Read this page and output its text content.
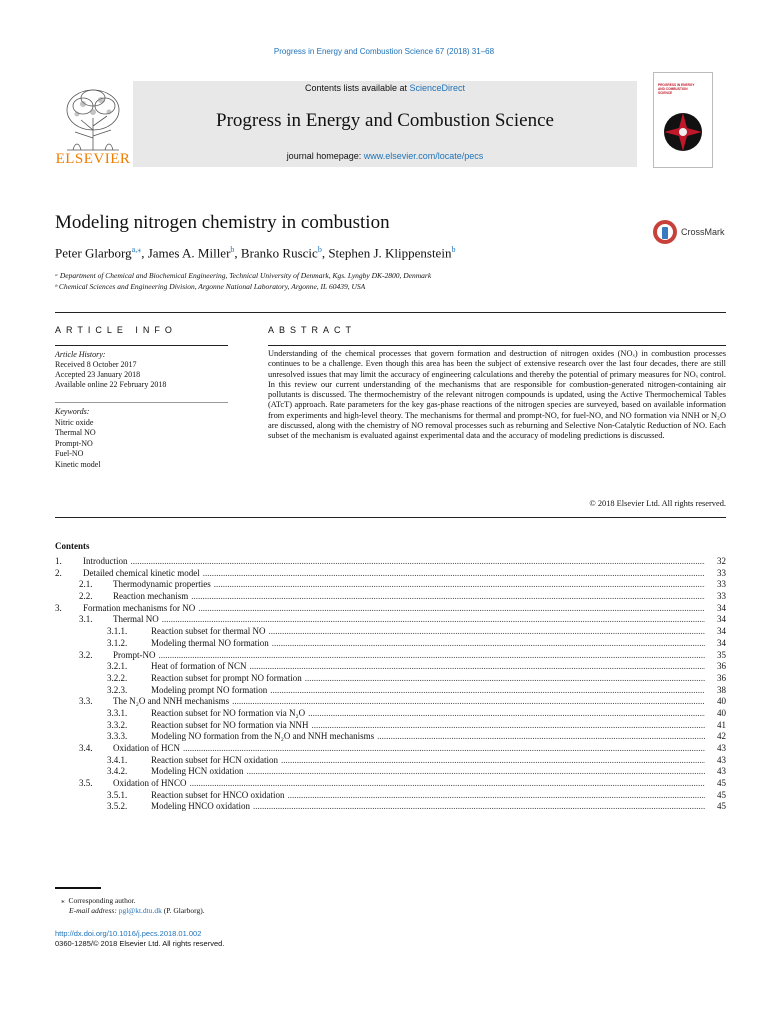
Progress in Energy and Combustion Science 67 (2018) 31–68
ELSEVIER
Contents lists available at ScienceDirect
Progress in Energy and Combustion Science
journal homepage: www.elsevier.com/locate/pecs
PROGRESS IN ENERGY AND COMBUSTION SCIENCE
Modeling nitrogen chemistry in combustion	CrossMark
Peter Glarborg$^{a,⁎}$, James A. Miller$^b$, Branko Ruscic$^b$, Stephen J. Klippenstein$^b$
ᵃ Department of Chemical and Biochemical Engineering, Technical University of Denmark, Kgs. Lyngby DK-2800, Denmark
ᵇ Chemical Sciences and Engineering Division, Argonne National Laboratory, Argonne, IL 60439, USA
ARTICLE INFO
Article History:
Received 8 October 2017
Accepted 23 January 2018
Available online 22 February 2018
Keywords:
Nitric oxide
Thermal NO
Prompt-NO
Fuel-NO
Kinetic model
ABSTRACT
Understanding of the chemical processes that govern formation and destruction of nitrogen oxides (NOₓ) in combustion processes continues to be a challenge. Even though this area has been the subject of extensive research over the last four decades, there are still unresolved issues that may limit the accuracy of engineering calculations and thereby the potential of primary measures for NOₓ control. In this review our current understanding of the mechanisms that are responsible for combustion-generated nitrogen-containing air pollutants is discussed. The thermochemistry of the relevant nitrogen compounds is updated, using the Active Thermochemical Tables (ATcT) approach. Rate parameters for the key gas-phase reactions of the nitrogen species are surveyed, based on available information from experiments and high-level theory. The mechanisms for thermal and prompt-NO, for fuel-NO, and NO formation via NNH or N₂O are discussed, along with the chemistry of NO removal processes such as reburning and Selective Non-Catalytic Reduction of NO. Each subset of the mechanism is evaluated against experimental data and the accuracy of modeling predictions is discussed.
© 2018 Elsevier Ltd. All rights reserved.
Contents
1.	Introduction .....	32
2.	Detailed chemical kinetic model .....	33
2.1.	Thermodynamic properties .....	33
2.2.	Reaction mechanism .....	33
3.	Formation mechanisms for NO .....	34
3.1.	Thermal NO .....	34
3.1.1.	Reaction subset for thermal NO .....	34
3.1.2.	Modeling thermal NO formation .....	34
3.2.	Prompt-NO .....	35
3.2.1.	Heat of formation of NCN .....	36
3.2.2.	Reaction subset for prompt NO formation .....	36
3.2.3.	Modeling prompt NO formation .....	38
3.3.	The N₂O and NNH mechanisms .....	40
3.3.1.	Reaction subset for NO formation via N₂O .....	40
3.3.2.	Reaction subset for NO formation via NNH .....	41
3.3.3.	Modeling NO formation from the N₂O and NNH mechanisms .....	42
3.4.	Oxidation of HCN .....	43
3.4.1.	Reaction subset for HCN oxidation .....	43
3.4.2.	Modeling HCN oxidation .....	43
3.5.	Oxidation of HNCO .....	45
3.5.1.	Reaction subset for HNCO oxidation .....	45
3.5.2.	Modeling HNCO oxidation .....	45
⁎ Corresponding author.
E-mail address: pgl@kt.dtu.dk (P. Glarborg).
http://dx.doi.org/10.1016/j.pecs.2018.01.002
0360-1285/© 2018 Elsevier Ltd. All rights reserved.
